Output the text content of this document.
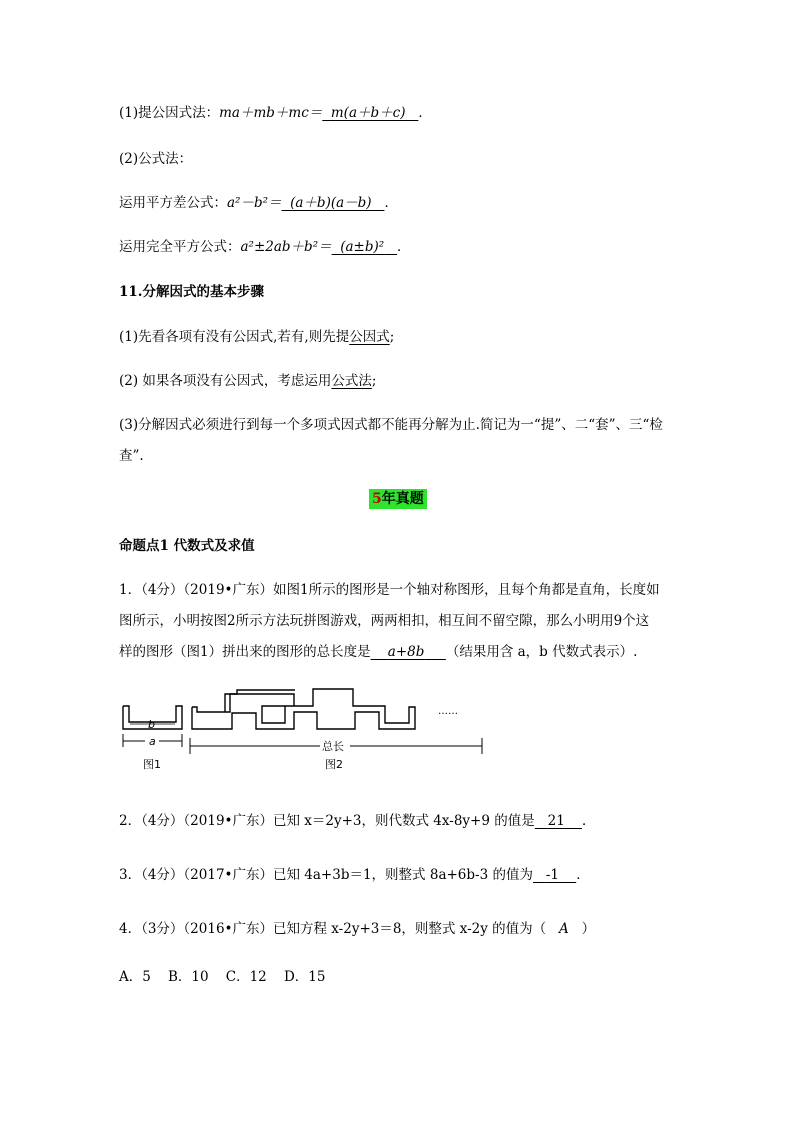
(1)提公因式法：ma＋mb＋mc＝ m(a＋b＋c) ．
(2)公式法：
运用平方差公式：a²－b²＝ (a＋b)(a－b) ．
运用完全平方公式：a²±2ab＋b²＝ (a±b)² ．
11.分解因式的基本步骤
(1)先看各项有没有公因式,若有,则先提公因式;
(2) 如果各项没有公因式，考虑运用公式法;
(3)分解因式必须进行到每一个多项式因式都不能再分解为止.简记为一“提”、二“套”、三“检
查”.
5年真题
命题点1 代数式及求值
1．（4分）（2019•广东）如图1所示的图形是一个轴对称图形，且每个角都是直角，长度如
图所示，小明按图2所示方法玩拼图游戏，两两相扣，相互间不留空隙，那么小明用9个这
样的图形（图1）拼出来的图形的总长度是 a+8b （结果用含 a，b 代数式表示）.
b
a	总长
图1	图2
……
2．（4分）（2019•广东）已知 x＝2y+3，则代数式 4x-8y+9 的值是 21 ．
3．（4分）（2017•广东）已知 4a+3b＝1，则整式 8a+6b-3 的值为 -1 ．
4．（3分）（2016•广东）已知方程 x-2y+3＝8，则整式 x-2y 的值为（ A ）
A．5    B．10    C．12    D．15
